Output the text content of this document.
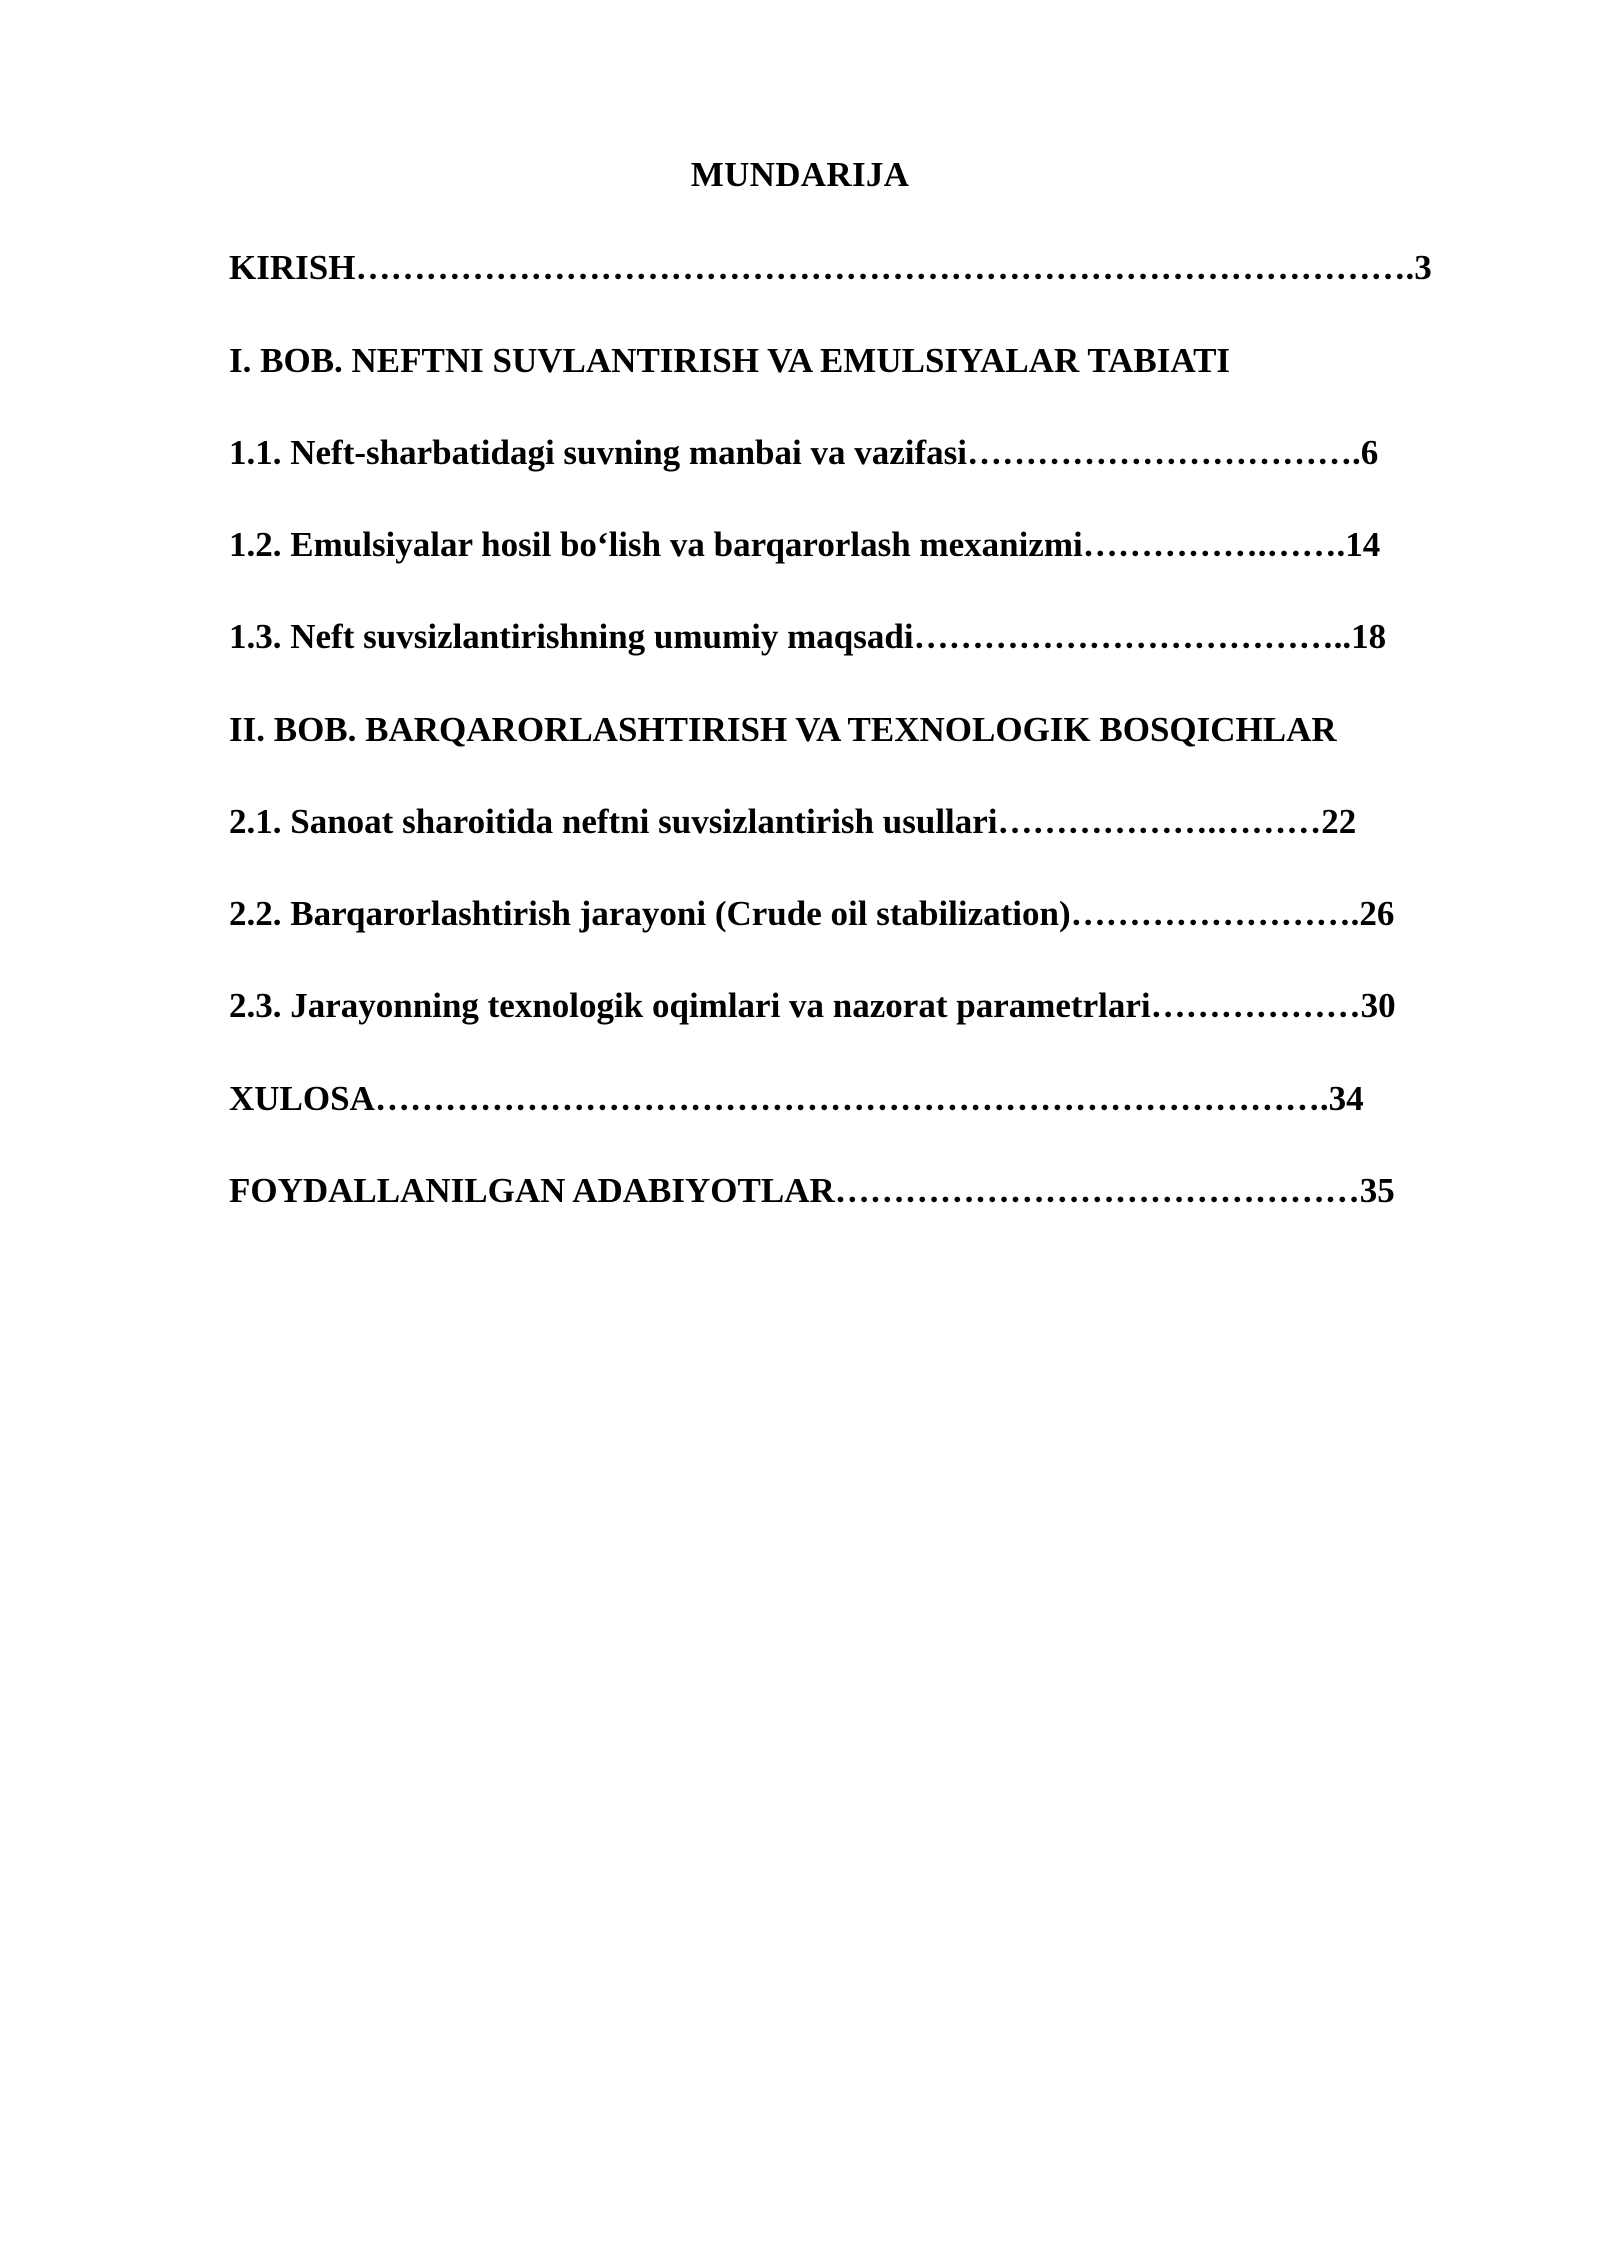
MUNDARIJA
KIRISH……………………………………………………………………………….3
I. BOB. NEFTNI SUVLANTIRISH VA EMULSIYALAR TABIATI
1.1. Neft-sharbatidagi suvning manbai va vazifasi…………………………….6
1.2. Emulsiyalar hosil bo‘lish va barqarorlash mexanizmi…………….…….14
1.3. Neft suvsizlantirishning umumiy maqsadi………………………………..18
II. BOB. BARQARORLASHTIRISH VA TEXNOLOGIK BOSQICHLAR
2.1. Sanoat sharoitida neftni suvsizlantirish usullari……………….………22
2.2. Barqarorlashtirish jarayoni (Crude oil stabilization)…………………….26
2.3. Jarayonning texnologik oqimlari va nazorat parametrlari………………30
XULOSA……………………………………………………………………….34
FOYDALLANILGAN ADABIYOTLAR………………………………………35
